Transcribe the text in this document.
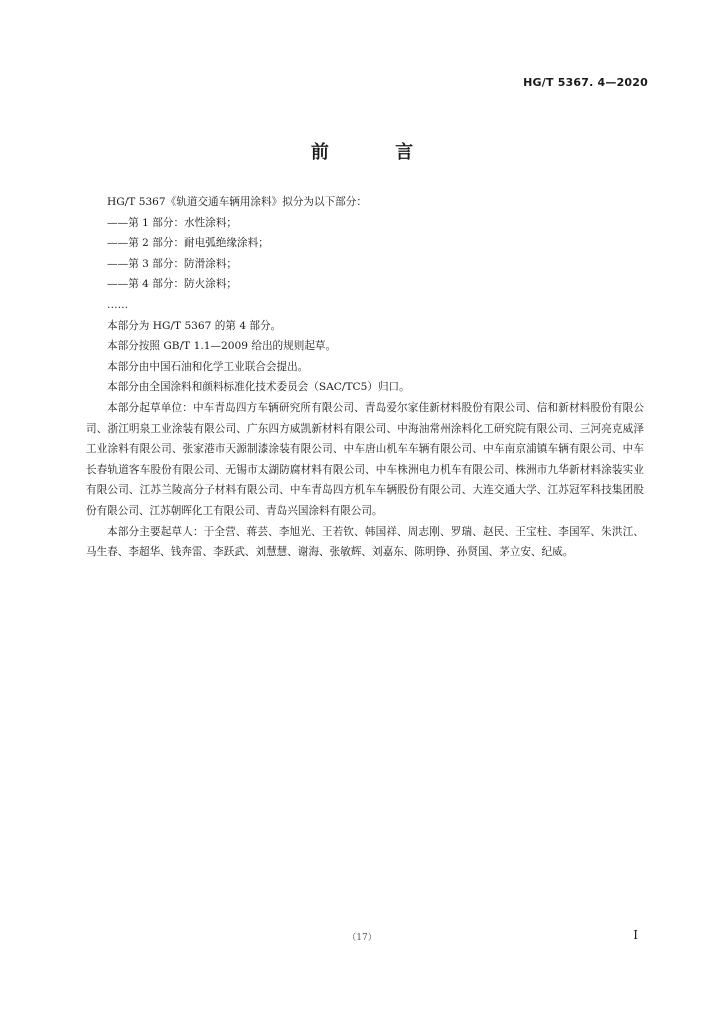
HG/T 5367. 4—2020
前 言

HG/T 5367《轨道交通车辆用涂料》拟分为以下部分：

——第 1 部分：水性涂料；

——第 2 部分：耐电弧绝缘涂料；

——第 3 部分：防滑涂料；

——第 4 部分：防火涂料；

……

本部分为 HG/T 5367 的第 4 部分。

本部分按照 GB/T 1.1—2009 给出的规则起草。

本部分由中国石油和化学工业联合会提出。

本部分由全国涂料和颜料标准化技术委员会（SAC/TC5）归口。

本部分起草单位：中车青岛四方车辆研究所有限公司、青岛爱尔家佳新材料股份有限公司、信和新材料股份有限公司、浙江明泉工业涂装有限公司、广东四方威凯新材料有限公司、中海油常州涂料化工研究院有限公司、三河亮克威泽工业涂料有限公司、张家港市天源制漆涂装有限公司、中车唐山机车车辆有限公司、中车南京浦镇车辆有限公司、中车长春轨道客车股份有限公司、无锡市太湖防腐材料有限公司、中车株洲电力机车有限公司、株洲市九华新材料涂装实业有限公司、江苏兰陵高分子材料有限公司、中车青岛四方机车车辆股份有限公司、大连交通大学、江苏冠军科技集团股份有限公司、江苏朝晖化工有限公司、青岛兴国涂料有限公司。

本部分主要起草人：于全营、蒋芸、李旭光、王若钦、韩国祥、周志刚、罗瑞、赵民、王宝柱、李国军、朱洪江、马生春、李超华、钱奔雷、李跃武、刘慧慧、谢海、张敏辉、刘嘉东、陈明铮、孙贤国、茅立安、纪威。

（17）	I
